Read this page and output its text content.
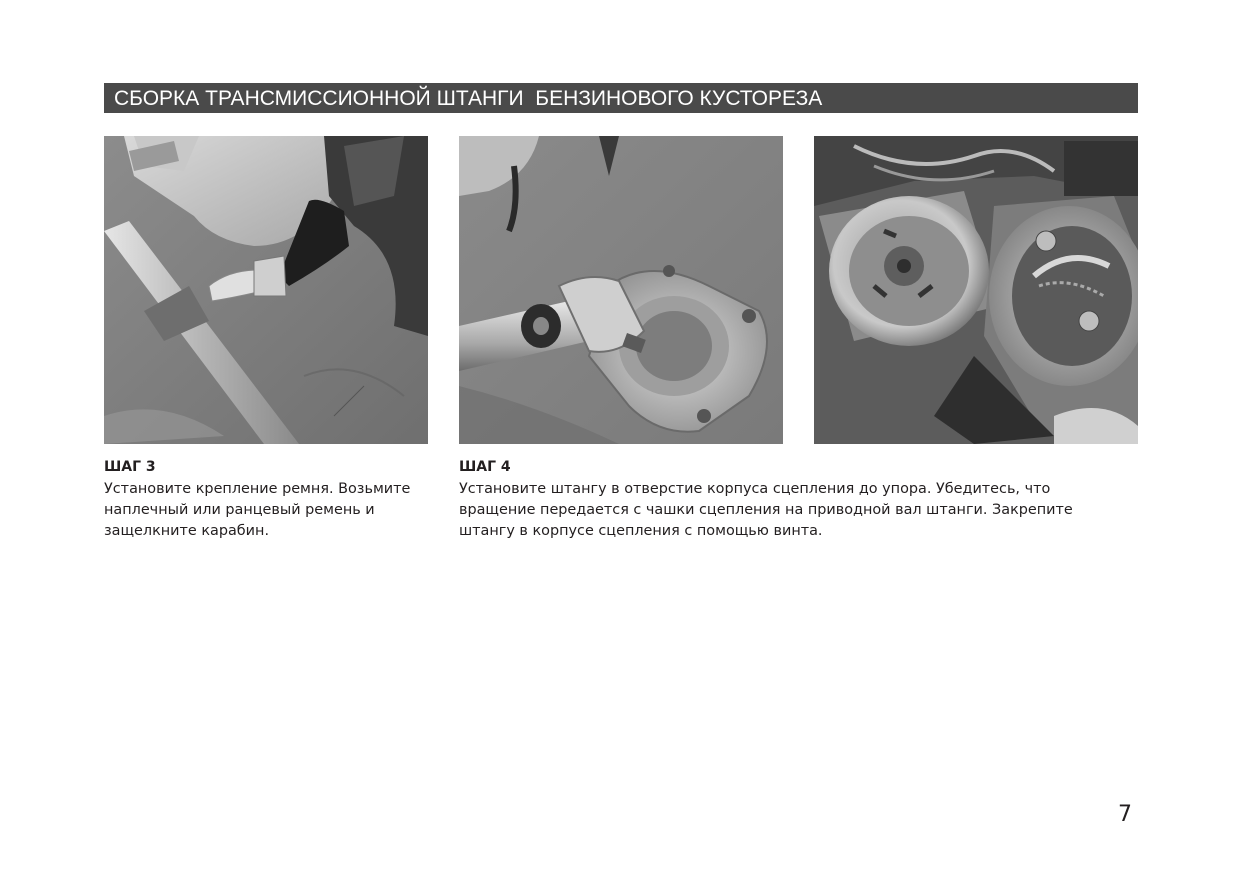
СБОРКА ТРАНСМИССИОННОЙ ШТАНГИ  БЕНЗИНОВОГО КУСТОРЕЗА
ШАГ 3
Установите крепление ремня. Возьмите
наплечный или ранцевый ремень и
защелкните карабин.
ШАГ 4
Установите штангу в отверстие корпуса сцепления до упора. Убедитесь, что
вращение передается с чашки сцепления на приводной вал штанги. Закрепите
штангу в корпусе сцепления с помощью винта.
7
